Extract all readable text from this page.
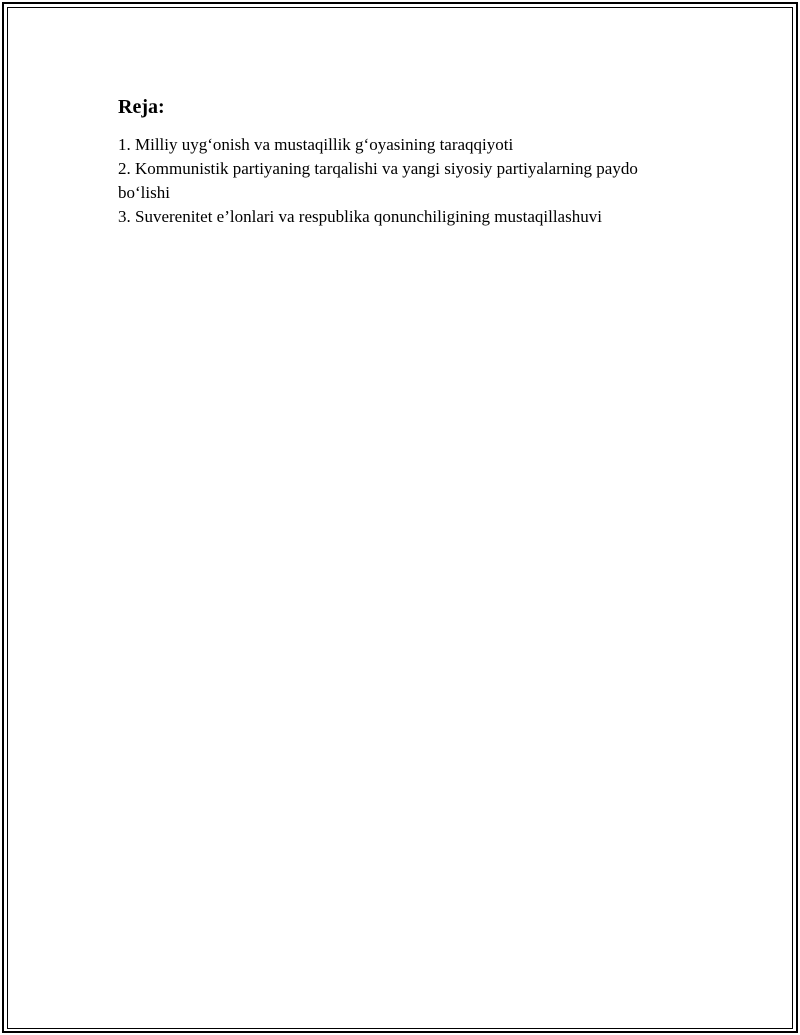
Reja:
1. Milliy uyg‘onish va mustaqillik g‘oyasining taraqqiyoti
2. Kommunistik partiyaning tarqalishi va yangi siyosiy partiyalarning paydo bo‘lishi
3. Suverenitet e’lonlari va respublika qonunchiligining mustaqillashuvi
